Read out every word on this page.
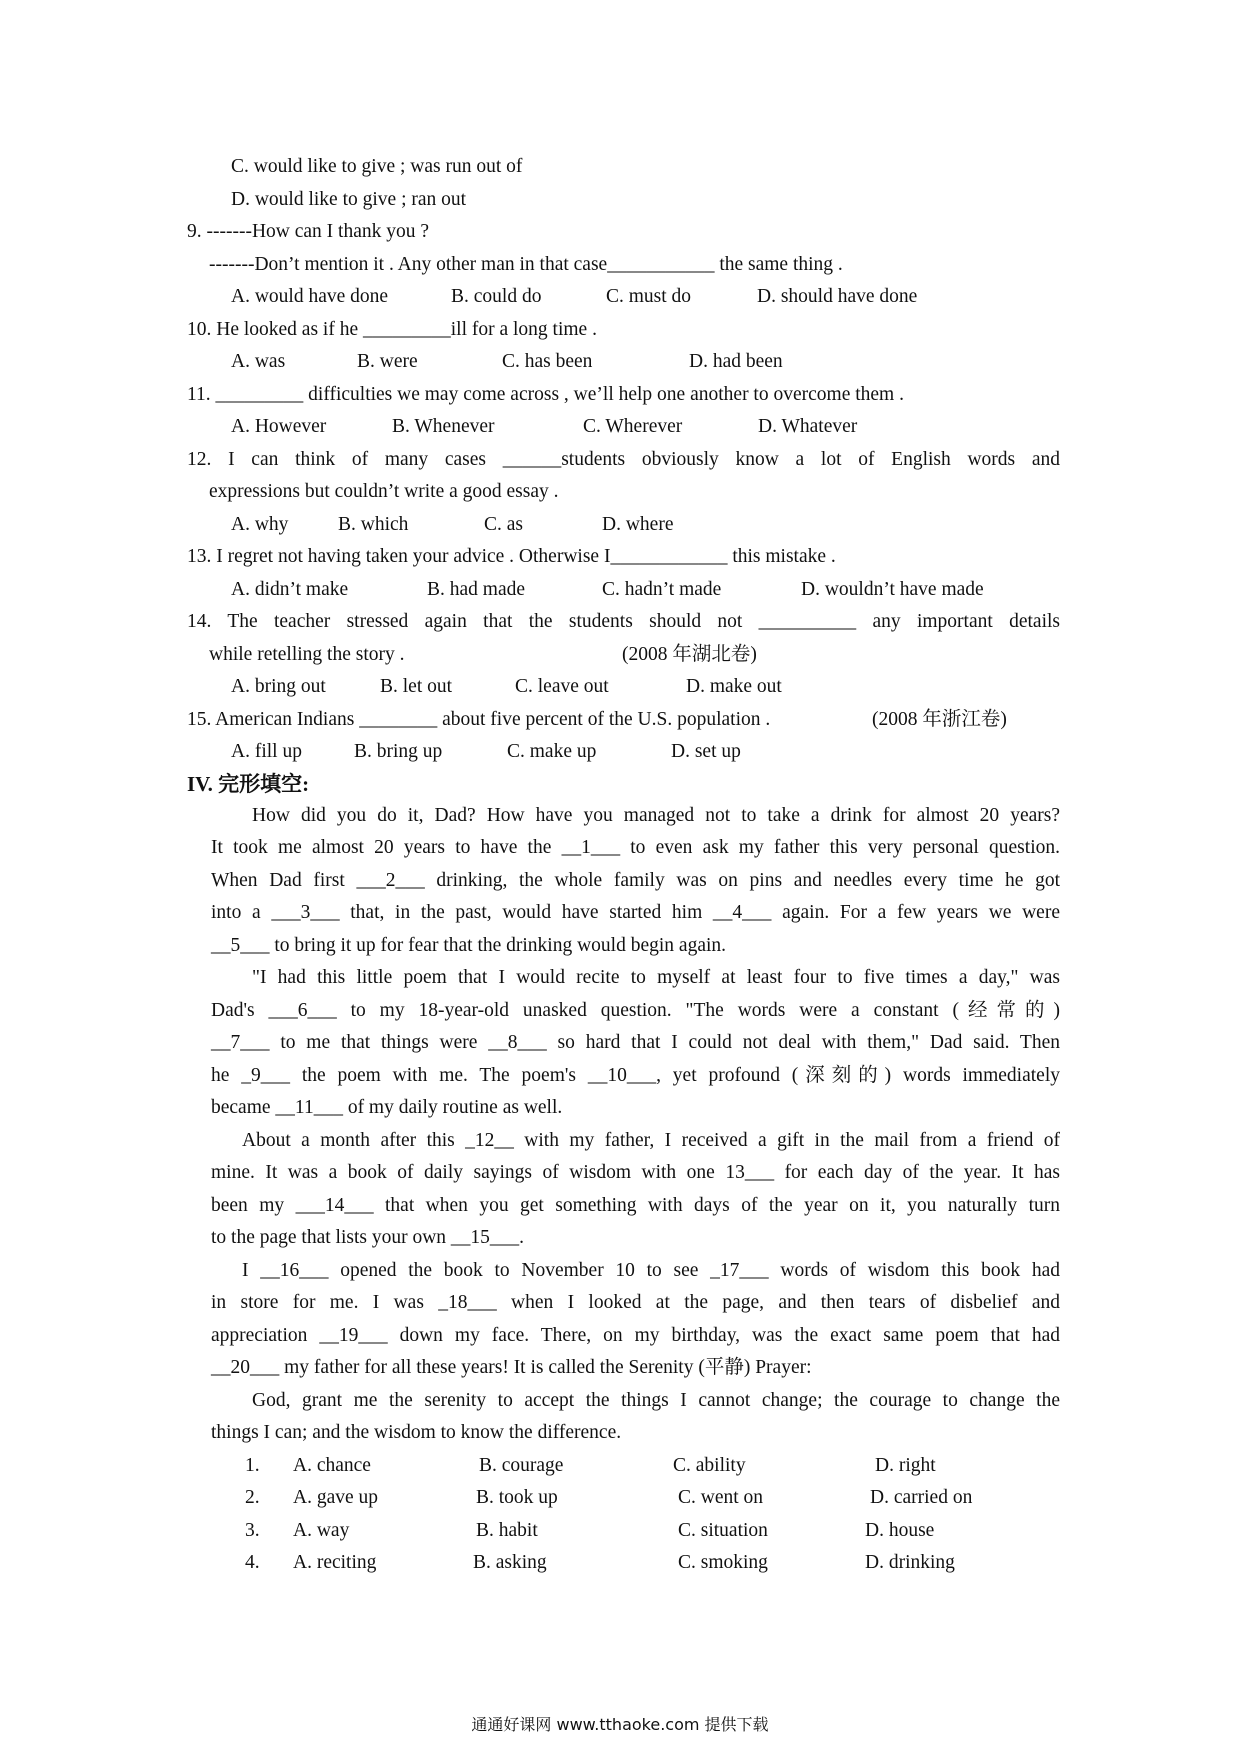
C. would like to give ; was run out of
D. would like to give ; ran out
9. -------How can I thank you ?
-------Don’t mention it . Any other man in that case___________ the same thing .
A. would have done	B. could do	C. must do	D. should have done
10. He looked as if he _________ill for a long time .
A. was	B. were	C. has been	D. had been
11. _________ difficulties we may come across , we’ll help one another to overcome them .
A. However	B. Whenever	C. Wherever	D. Whatever
12. I can think of many cases ______students obviously know a lot of English words and
expressions but couldn’t write a good essay .
A. why	B. which	C. as	D. where
13. I regret not having taken your advice . Otherwise I____________ this mistake .
A. didn’t make	B. had made	C. hadn’t made	D. wouldn’t have made
14. The teacher stressed again that the students should not __________ any important details
while retelling the story .	(2008 年湖北卷)
A. bring out	B. let out	C. leave out	D. make out
15. American Indians ________ about five percent of the U.S. population .	(2008 年浙江卷)
A. fill up	B. bring up	C. make up	D. set up
IV. 完形填空:
How did you do it, Dad? How have you managed not to take a drink for almost 20 years?
It took me almost 20 years to have the __1___ to even ask my father this very personal question.
When Dad first ___2___ drinking, the whole family was on pins and needles every time he got
into a ___3___ that, in the past, would have started him __4___ again. For a few years we were
__5___ to bring it up for fear that the drinking would begin again.
"I had this little poem that I would recite to myself at least four to five times a day," was
Dad's ___6___ to my 18-year-old unasked question. "The words were a constant (经常的)
__7___ to me that things were __8___ so hard that I could not deal with them," Dad said. Then
he _9___ the poem with me. The poem's __10___, yet profound (深刻的) words immediately
became __11___ of my daily routine as well.
About a month after this _12__ with my father, I received a gift in the mail from a friend of
mine. It was a book of daily sayings of wisdom with one 13___ for each day of the year. It has
been my ___14___ that when you get something with days of the year on it, you naturally turn
to the page that lists your own __15___.
I __16___ opened the book to November 10 to see _17___ words of wisdom this book had
in store for me. I was _18___ when I looked at the page, and then tears of disbelief and
appreciation __19___ down my face. There, on my birthday, was the exact same poem that had
__20___ my father for all these years! It is called the Serenity (平静) Prayer:
God, grant me the serenity to accept the things I cannot change; the courage to change the
things I can; and the wisdom to know the difference.
1. A. chance	B. courage	C. ability	D. right
2. A. gave up	B. took up	C. went on	D. carried on
3. A. way	B. habit	C. situation	D. house
4. A. reciting	B. asking	C. smoking	D. drinking
通通好课网 www.tthaoke.com 提供下载
